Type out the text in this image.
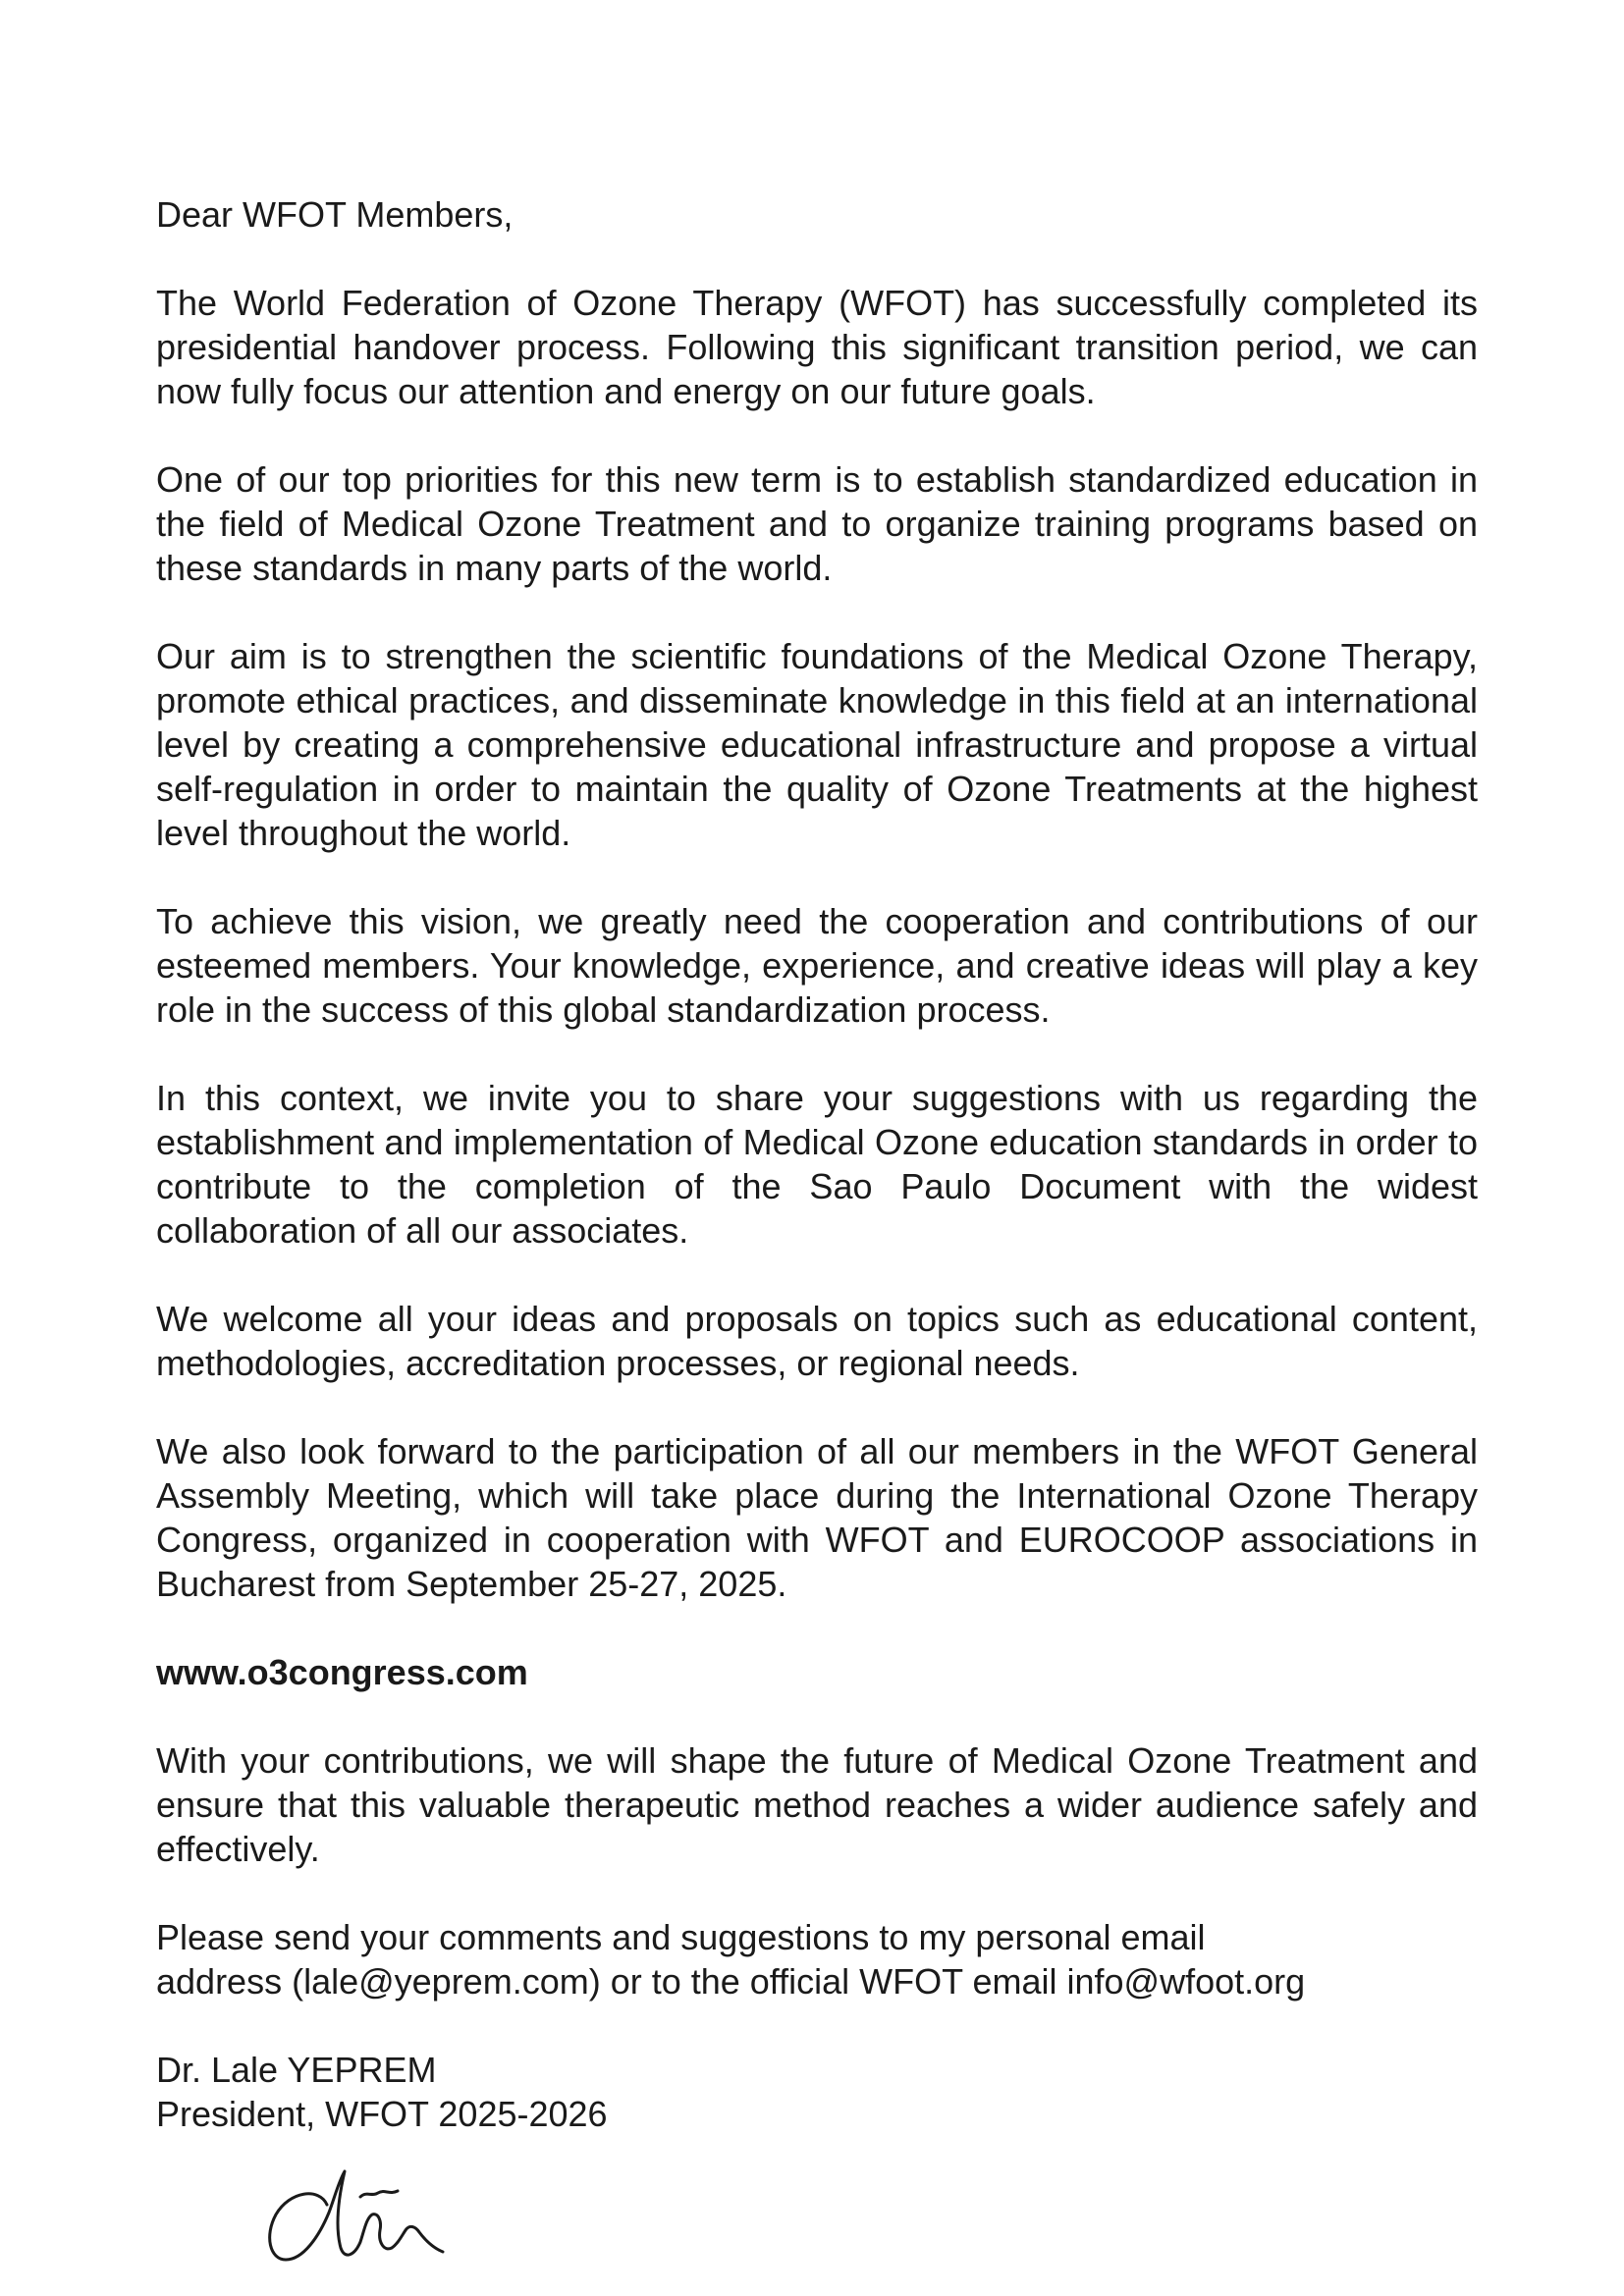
Dear WFOT Members,

The World Federation of Ozone Therapy (WFOT) has successfully completed its presidential handover process. Following this significant transition period, we can now fully focus our attention and energy on our future goals.

One of our top priorities for this new term is to establish standardized education in the field of Medical Ozone Treatment and to organize training programs based on these standards in many parts of the world.

Our aim is to strengthen the scientific foundations of the Medical Ozone Therapy, promote ethical practices, and disseminate knowledge in this field at an international level by creating a comprehensive educational infrastructure and propose a virtual self-regulation in order to maintain the quality of Ozone Treatments at the highest level throughout the world.

To achieve this vision, we greatly need the cooperation and contributions of our esteemed members. Your knowledge, experience, and creative ideas will play a key role in the success of this global standardization process.

In this context, we invite you to share your suggestions with us regarding the establishment and implementation of Medical Ozone education standards in order to contribute to the completion of the Sao Paulo Document with the widest collaboration of all our associates.

We welcome all your ideas and proposals on topics such as educational content, methodologies, accreditation processes, or regional needs.

We also look forward to the participation of all our members in the WFOT General Assembly Meeting, which will take place during the International Ozone Therapy Congress, organized in cooperation with WFOT and EUROCOOP associations in Bucharest from September 25-27, 2025.

www.o3congress.com

With your contributions, we will shape the future of Medical Ozone Treatment and ensure that this valuable therapeutic method reaches a wider audience safely and effectively.

Please send your comments and suggestions to my personal email
address (lale@yeprem.com) or to the official WFOT email info@wfoot.org

Dr. Lale YEPREM
President, WFOT 2025-2026
